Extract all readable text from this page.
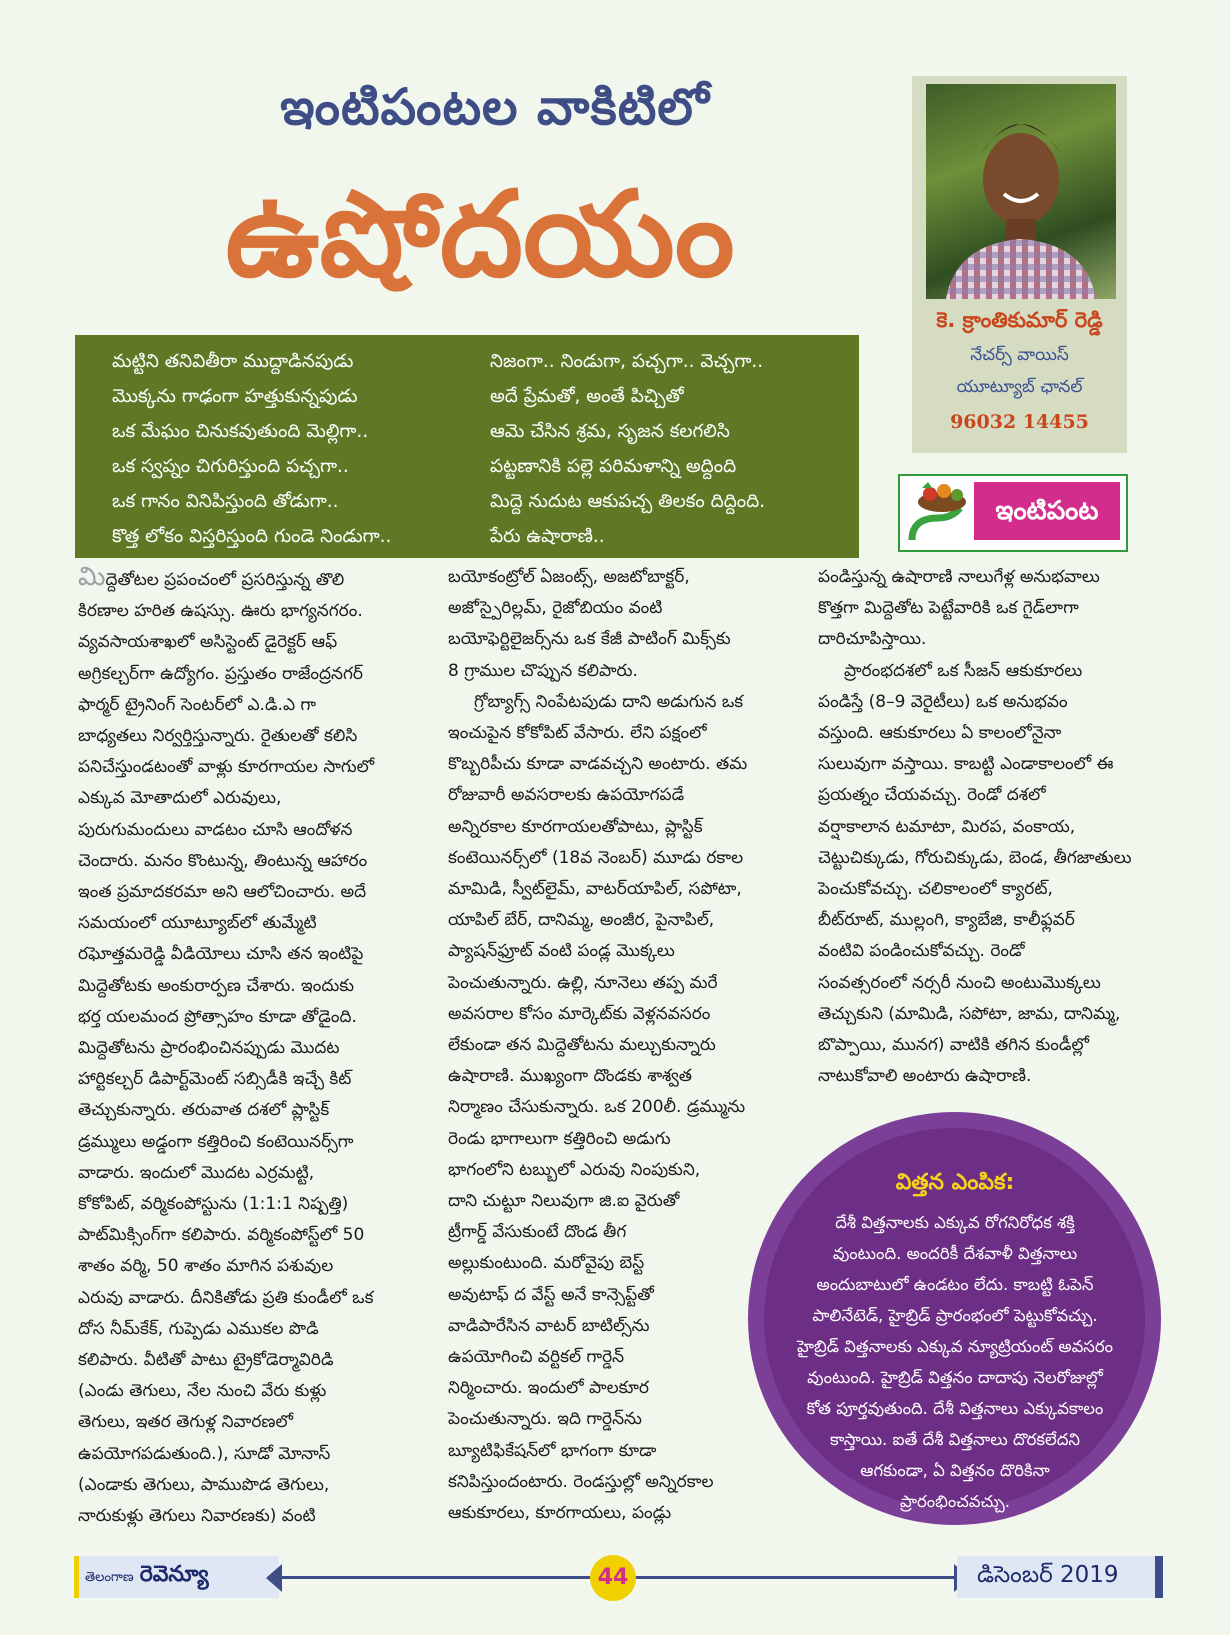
ఇంటిపంటల వాకిటిలో
ఉషోదయం
కె. క్రాంతికుమార్ రెడ్డి
నేచర్స్ వాయిస్
యూట్యూబ్ ఛానల్
96032 14455
ఇంటిపంట
మట్టిని తనివితీరా ముద్దాడినపుడు
మొక్కను గాఢంగా హత్తుకున్నపుడు
ఒక మేఘం చినుకవుతుంది మెల్లిగా..
ఒక స్వప్నం చిగురిస్తుంది పచ్చగా..
ఒక గానం వినిపిస్తుంది తోడుగా..
కొత్త లోకం విస్తరిస్తుంది గుండె నిండుగా..
నిజంగా.. నిండుగా, పచ్చగా.. వెచ్చగా..
అదే ప్రేమతో, అంతే పిచ్చితో
ఆమె చేసిన శ్రమ, సృజన కలగలిసి
పట్టణానికి పల్లె పరిమళాన్ని అద్దింది
మిద్దె నుదుట ఆకుపచ్చ తిలకం దిద్దింది.
పేరు ఉషారాణి..
మిద్దెతోటల ప్రపంచంలో ప్రసరిస్తున్న తొలి
కిరణాల హరిత ఉషస్సు. ఊరు భాగ్యనగరం.
వ్యవసాయశాఖలో అసిస్టెంట్ డైరెక్టర్ ఆఫ్
అగ్రికల్చర్‌గా ఉద్యోగం. ప్రస్తుతం రాజేంద్రనగర్
ఫార్మర్ ట్రైనింగ్ సెంటర్‌లో ఎ.డి.ఎ గా
బాధ్యతలు నిర్వర్తిస్తున్నారు. రైతులతో కలిసి
పనిచేస్తుండటంతో వాళ్లు కూరగాయల సాగులో
ఎక్కువ మోతాదులో ఎరువులు,
పురుగుమందులు వాడటం చూసి ఆందోళన
చెందారు. మనం కొంటున్న, తింటున్న ఆహారం
ఇంత ప్రమాదకరమా అని ఆలోచించారు. అదే
సమయంలో యూట్యూబ్‌లో తుమ్మేటి
రఘోత్తమరెడ్డి వీడియోలు చూసి తన ఇంటిపై
మిద్దెతోటకు అంకురార్పణ చేశారు. ఇందుకు
భర్త యలమంద ప్రోత్సాహం కూడా తోడైంది.
మిద్దెతోటను ప్రారంభించినప్పుడు మొదట
హార్టికల్చర్ డిపార్ట్‌మెంట్ సబ్సిడీకి ఇచ్చే కిట్
తెచ్చుకున్నారు. తరువాత దశలో ప్లాస్టిక్
డ్రమ్ములు అడ్డంగా కత్తిరించి కంటెయినర్స్‌గా
వాడారు. ఇందులో మొదట ఎర్రమట్టి,
కోకోపిట్, వర్మికంపోస్టును (1:1:1 నిష్పత్తి)
పాట్‌మిక్సింగ్‌గా కలిపారు. వర్మికంపోస్ట్‌లో 50
శాతం వర్మి, 50 శాతం మాగిన పశువుల
ఎరువు వాడారు. దీనికితోడు ప్రతి కుండీలో ఒక
దోస నీమ్‌కేక్, గుప్పెడు ఎముకల పొడి
కలిపారు. వీటితో పాటు ట్రైకోడెర్మావిరిడి
(ఎండు తెగులు, నేల నుంచి వేరు కుళ్లు
తెగులు, ఇతర తెగుళ్ల నివారణలో
ఉపయోగపడుతుంది.), సూడో మోనాస్
(ఎండాకు తెగులు, పాముపొడ తెగులు,
నారుకుళ్లు తెగులు నివారణకు) వంటి
బయోకంట్రోల్ ఏజంట్స్, అజటోబాక్టర్,
అజోస్పైరిల్లమ్, రైజోబియం వంటి
బయోఫెర్టిలైజర్స్‌ను ఒక కేజీ పాటింగ్ మిక్స్‌కు
8 గ్రాముల చొప్పున కలిపారు.
గ్రోబ్యాగ్స్ నింపేటపుడు దాని అడుగున ఒక
ఇంచుపైన కోకోపిట్ వేసారు. లేని పక్షంలో
కొబ్బరిపీచు కూడా వాడవచ్చని అంటారు. తమ
రోజువారీ అవసరాలకు ఉపయోగపడే
అన్నిరకాల కూరగాయలతోపాటు, ప్లాస్టిక్
కంటెయినర్స్‌లో (18వ నెంబర్) మూడు రకాల
మామిడి, స్వీట్‌లైమ్, వాటర్‌యాపిల్, సపోటా,
యాపిల్ బేర్, దానిమ్మ, అంజీర, పైనాపిల్,
ప్యాషన్‌ఫ్రూట్ వంటి పండ్ల మొక్కలు
పెంచుతున్నారు. ఉల్లి, నూనెలు తప్ప మరే
అవసరాల కోసం మార్కెట్‌కు వెళ్లనవసరం
లేకుండా తన మిద్దెతోటను మల్చుకున్నారు
ఉషారాణి. ముఖ్యంగా దొండకు శాశ్వత
నిర్మాణం చేసుకున్నారు. ఒక 200లీ. డ్రమ్మును
రెండు భాగాలుగా కత్తిరించి అడుగు
భాగంలోని టబ్బులో ఎరువు నింపుకుని,
దాని చుట్టూ నిలువుగా జి.ఐ వైరుతో
ట్రీగార్డ్ వేసుకుంటే దొండ తీగ
అల్లుకుంటుంది. మరోవైపు బెస్ట్
అవుటాఫ్ ద వేస్ట్ అనే కాన్సెప్ట్‌తో
వాడిపారేసిన వాటర్ బాటిల్స్‌ను
ఉపయోగించి వర్టికల్ గార్డెన్
నిర్మించారు. ఇందులో పాలకూర
పెంచుతున్నారు. ఇది గార్డెన్‌ను
బ్యూటిఫికేషన్‌లో భాగంగా కూడా
కనిపిస్తుందంటారు. రెండస్తుల్లో అన్నిరకాల
ఆకుకూరలు, కూరగాయలు, పండ్లు
పండిస్తున్న ఉషారాణి నాలుగేళ్ల అనుభవాలు
కొత్తగా మిద్దెతోట పెట్టేవారికి ఒక గైడ్‌లాగా
దారిచూపిస్తాయి.
ప్రారంభదశలో ఒక సీజన్ ఆకుకూరలు
పండిస్తే (8–9 వెరైటీలు) ఒక అనుభవం
వస్తుంది. ఆకుకూరలు ఏ కాలంలోనైనా
సులువుగా వస్తాయి. కాబట్టి ఎండాకాలంలో ఈ
ప్రయత్నం చేయవచ్చు. రెండో దశలో
వర్షాకాలాన టమాటా, మిరప, వంకాయ,
చెట్టుచిక్కుడు, గోరుచిక్కుడు, బెండ, తీగజాతులు
పెంచుకోవచ్చు. చలికాలంలో క్యారట్,
బీట్‌రూట్, ముల్లంగి, క్యాబేజి, కాలీఫ్లవర్
వంటివి పండించుకోవచ్చు. రెండో
సంవత్సరంలో నర్సరీ నుంచి అంటుమొక్కలు
తెచ్చుకుని (మామిడి, సపోటా, జామ, దానిమ్మ,
బొప్పాయి, మునగ) వాటికి తగిన కుండీల్లో
నాటుకోవాలి అంటారు ఉషారాణి.
విత్తన ఎంపిక:
దేశీ విత్తనాలకు ఎక్కువ రోగనిరోధక శక్తి
వుంటుంది. అందరికీ దేశవాళీ విత్తనాలు
అందుబాటులో ఉండటం లేదు. కాబట్టి ఓపెన్
పాలినేటెడ్, హైబ్రిడ్ ప్రారంభంలో పెట్టుకోవచ్చు.
హైబ్రిడ్ విత్తనాలకు ఎక్కువ న్యూట్రియంట్ అవసరం
వుంటుంది. హైబ్రిడ్ విత్తనం దాదాపు నెలరోజుల్లో
కోత పూర్తవుతుంది. దేశీ విత్తనాలు ఎక్కువకాలం
కాస్తాయి. ఐతే దేశీ విత్తనాలు దొరకలేదని
ఆగకుండా, ఏ విత్తనం దొరికినా
ప్రారంభించవచ్చు.
తెలంగాణ రెవెన్యూ	44	డిసెంబర్ 2019
